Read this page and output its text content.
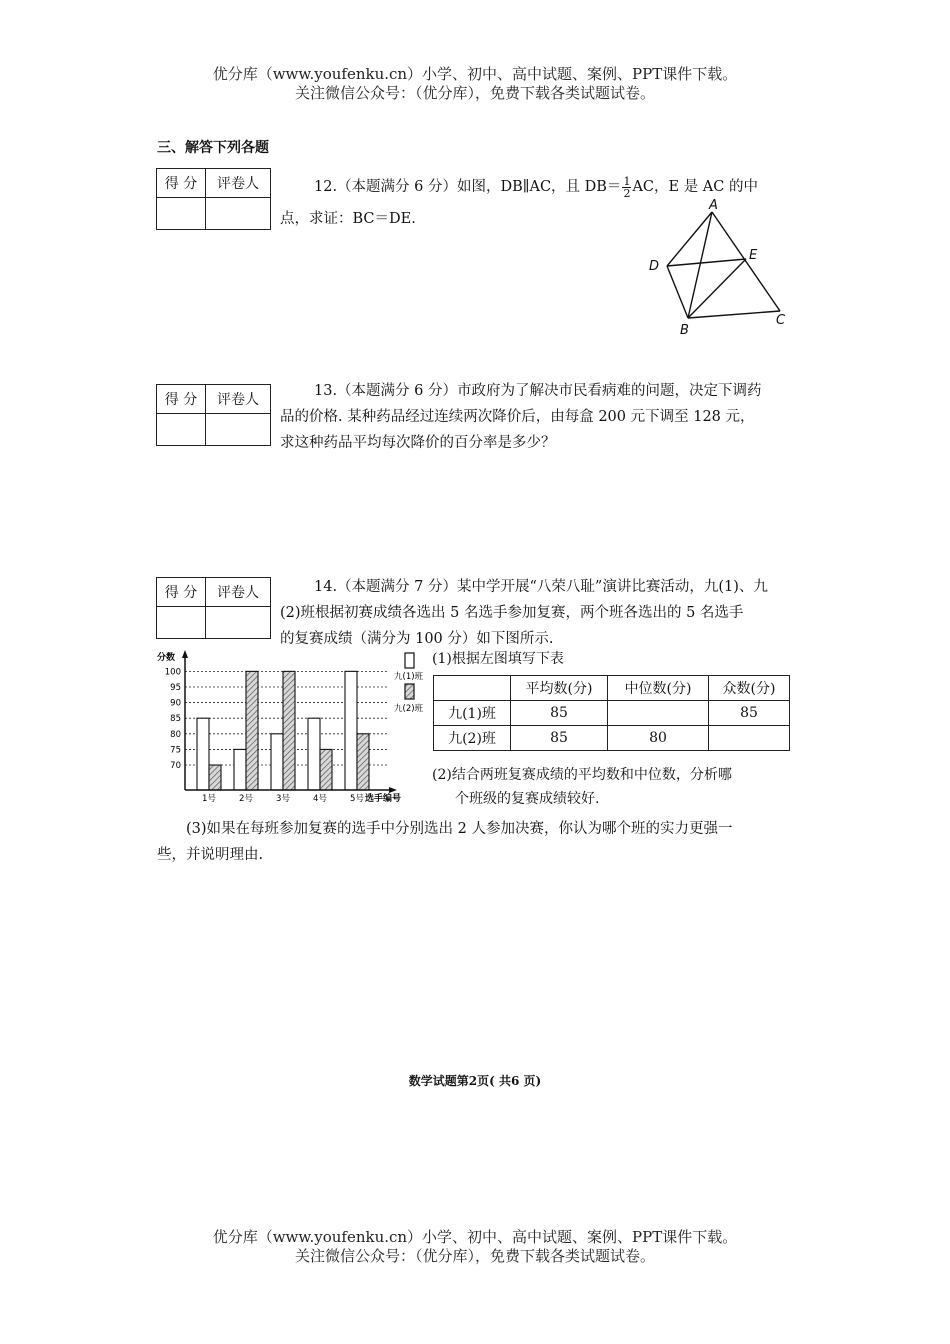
优分库（www.youfenku.cn）小学、初中、高中试题、案例、PPT课件下载。
关注微信公众号：（优分库），免费下载各类试题试卷。
三、解答下列各题
得 分	评卷人
		12.（本题满分 6 分）如图，DB∥AC，且 $DB= \frac{1}{2}$ AC，E 是 AC 的中
点，求证：BC＝DE.
A
D
E
B
C
得 分	评卷人

13.（本题满分 6 分）市政府为了解决市民看病难的问题，决定下调药
品的价格. 某种药品经过连续两次降价后，由每盒 200 元下调至 128 元，
求这种药品平均每次降价的百分率是多少？
得 分	评卷人
		14.（本题满分 7 分）某中学开展“八荣八耻”演讲比赛活动，九(1)、九
(2)班根据初赛成绩各选出 5 名选手参加复赛，两个班各选出的 5 名选手
的复赛成绩（满分为 100 分）如下图所示.
分数
70
75
80
85
90
95
100
1号	2号	3号	4号	5号 选手编号
九(1)班
九(2)班
(1)根据左图填写下表
	平均数(分)	中位数(分)	众数(分)
九(1)班	85		85
九(2)班	85	80	
(2)结合两班复赛成绩的平均数和中位数，分析哪
个班级的复赛成绩较好.
(3)如果在每班参加复赛的选手中分别选出 2 人参加决赛，你认为哪个班的实力更强一
些，并说明理由.
数学试题第2页( 共6 页)
优分库（www.youfenku.cn）小学、初中、高中试题、案例、PPT课件下载。
关注微信公众号：（优分库），免费下载各类试题试卷。
